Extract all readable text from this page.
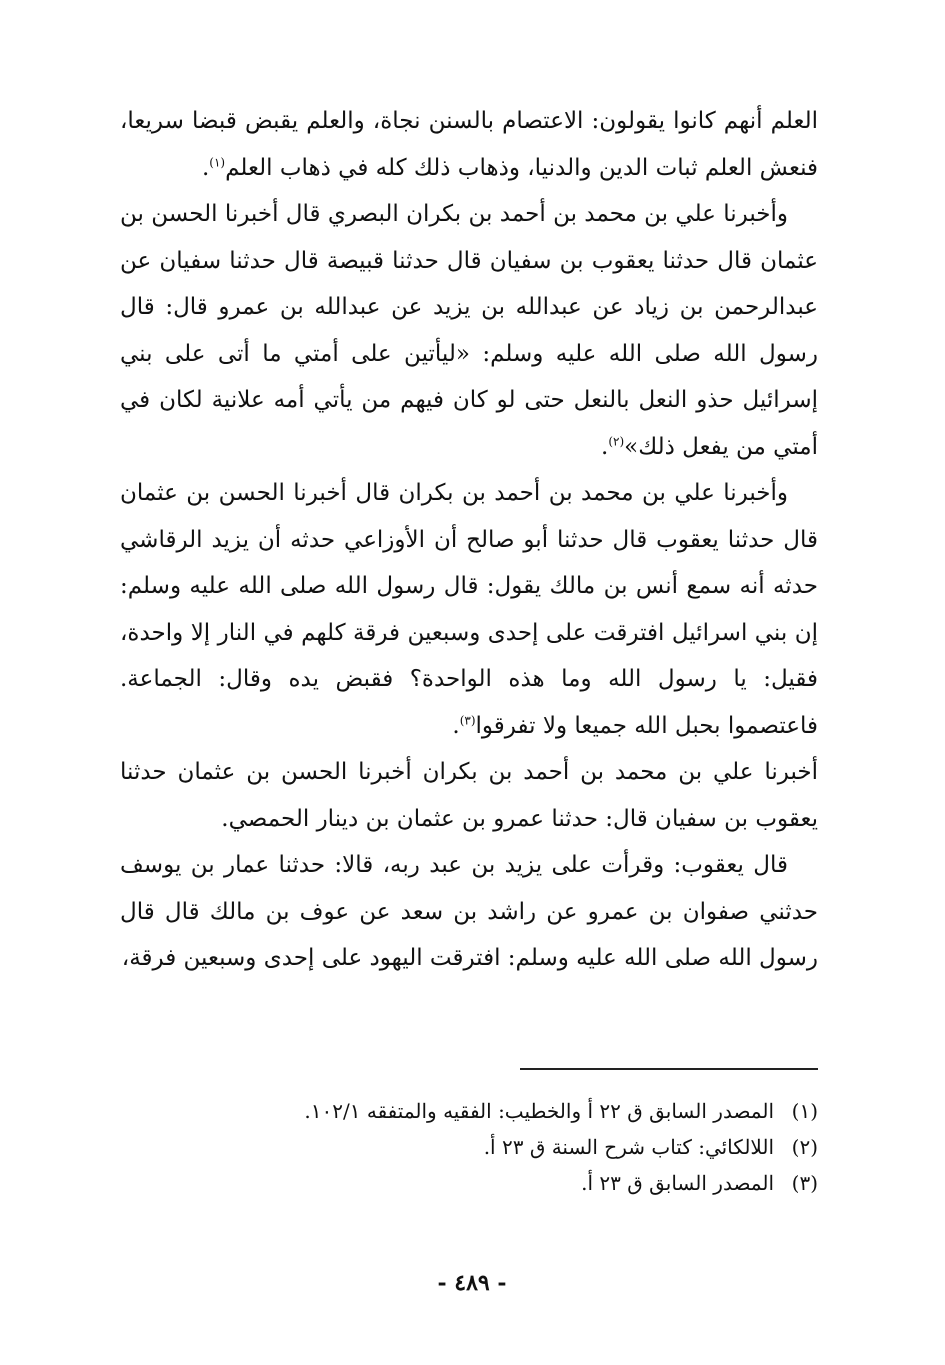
العلم أنهم كانوا يقولون: الاعتصام بالسنن نجاة، والعلم يقبض قبضا سريعا، فنعش العلم ثبات الدين والدنيا، وذهاب ذلك كله في ذهاب العلم$^{(١)}$.

وأخبرنا علي بن محمد بن أحمد بن بكران البصري قال أخبرنا الحسن بن عثمان قال حدثنا يعقوب بن سفيان قال حدثنا قبيصة قال حدثنا سفيان عن عبدالرحمن بن زياد عن عبدالله بن يزيد عن عبدالله بن عمرو قال: قال رسول الله صلى الله عليه وسلم: «ليأتين على أمتي ما أتى على بني إسرائيل حذو النعل بالنعل حتى لو كان فيهم من يأتي أمه علانية لكان في أمتي من يفعل ذلك»$^{(٢)}$.

وأخبرنا علي بن محمد بن أحمد بن بكران قال أخبرنا الحسن بن عثمان قال حدثنا يعقوب قال حدثنا أبو صالح أن الأوزاعي حدثه أن يزيد الرقاشي حدثه أنه سمع أنس بن مالك يقول: قال رسول الله صلى الله عليه وسلم: إن بني اسرائيل افترقت على إحدى وسبعين فرقة كلهم في النار إلا واحدة، فقيل: يا رسول الله وما هذه الواحدة؟ فقبض يده وقال: الجماعة. فاعتصموا بحبل الله جميعا ولا تفرقوا$^{(٣)}$.

أخبرنا علي بن محمد بن أحمد بن بكران أخبرنا الحسن بن عثمان حدثنا يعقوب بن سفيان قال: حدثنا عمرو بن عثمان بن دينار الحمصي.

قال يعقوب: وقرأت على يزيد بن عبد ربه، قالا: حدثنا عمار بن يوسف حدثني صفوان بن عمرو عن راشد بن سعد عن عوف بن مالك قال قال رسول الله صلى الله عليه وسلم: افترقت اليهود على إحدى وسبعين فرقة،

(١)المصدر السابق ق ٢٢ أ والخطيب: الفقيه والمتفقه ١٠٢/١.

(٢)اللالكائي: كتاب شرح السنة ق ٢٣ أ.

(٣)المصدر السابق ق ٢٣ أ.

- ٤٨٩ -
